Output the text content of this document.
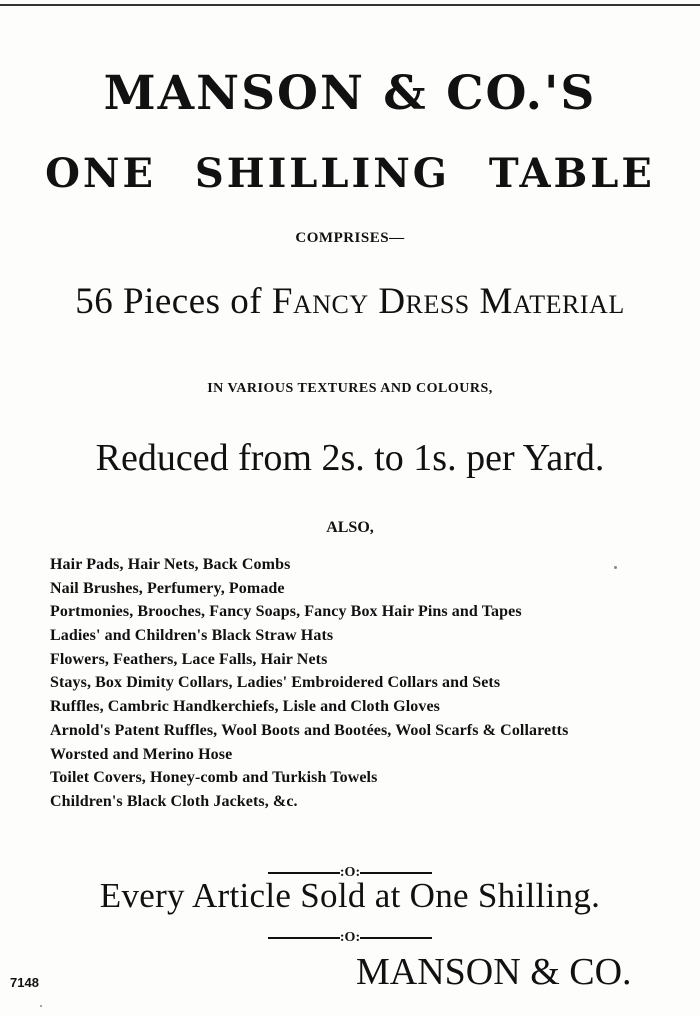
MANSON & CO.'S
ONE SHILLING TABLE
COMPRISES—
56 Pieces of Fancy Dress Material
IN VARIOUS TEXTURES AND COLOURS,
Reduced from 2s. to 1s. per Yard.
ALSO,
Hair Pads, Hair Nets, Back Combs
Nail Brushes, Perfumery, Pomade
Portmonies, Brooches, Fancy Soaps, Fancy Box Hair Pins and Tapes
Ladies' and Children's Black Straw Hats
Flowers, Feathers, Lace Falls, Hair Nets
Stays, Box Dimity Collars, Ladies' Embroidered Collars and Sets
Ruffles, Cambric Handkerchiefs, Lisle and Cloth Gloves
Arnold's Patent Ruffles, Wool Boots and Bootées, Wool Scarfs & Collaretts
Worsted and Merino Hose
Toilet Covers, Honey-comb and Turkish Towels
Children's Black Cloth Jackets, &c.
:O:
Every Article Sold at One Shilling.
:O:
7148	MANSON & CO.
